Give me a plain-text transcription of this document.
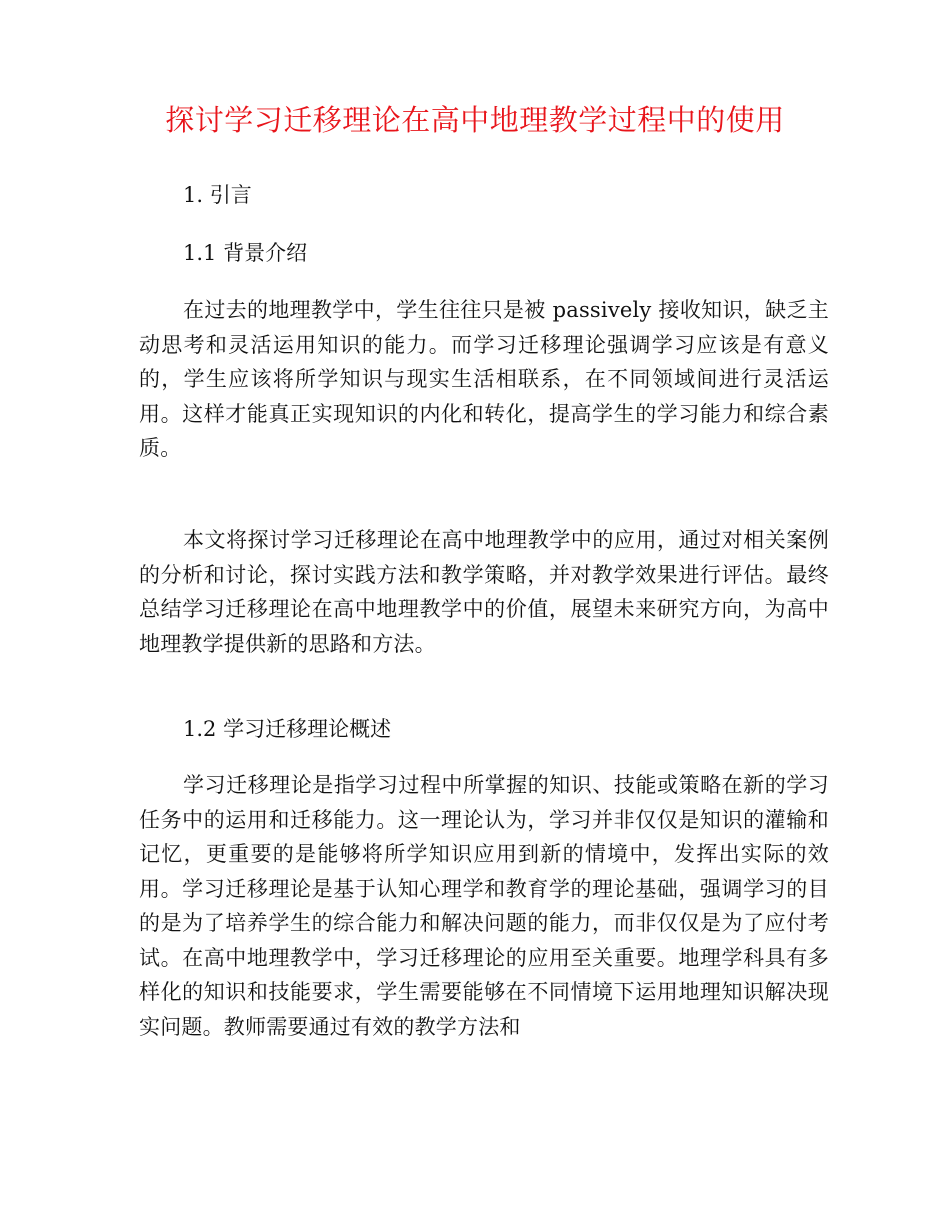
探讨学习迁移理论在高中地理教学过程中的使用
1. 引言
1.1 背景介绍
在过去的地理教学中，学生往往只是被 passively 接收知识，缺乏主动思考和灵活运用知识的能力。而学习迁移理论强调学习应该是有意义的，学生应该将所学知识与现实生活相联系，在不同领域间进行灵活运用。这样才能真正实现知识的内化和转化，提高学生的学习能力和综合素质。
本文将探讨学习迁移理论在高中地理教学中的应用，通过对相关案例的分析和讨论，探讨实践方法和教学策略，并对教学效果进行评估。最终总结学习迁移理论在高中地理教学中的价值，展望未来研究方向，为高中地理教学提供新的思路和方法。
1.2 学习迁移理论概述
学习迁移理论是指学习过程中所掌握的知识、技能或策略在新的学习任务中的运用和迁移能力。这一理论认为，学习并非仅仅是知识的灌输和记忆，更重要的是能够将所学知识应用到新的情境中，发挥出实际的效用。学习迁移理论是基于认知心理学和教育学的理论基础，强调学习的目的是为了培养学生的综合能力和解决问题的能力，而非仅仅是为了应付考试。在高中地理教学中，学习迁移理论的应用至关重要。地理学科具有多样化的知识和技能要求，学生需要能够在不同情境下运用地理知识解决现实问题。教师需要通过有效的教学方法和
